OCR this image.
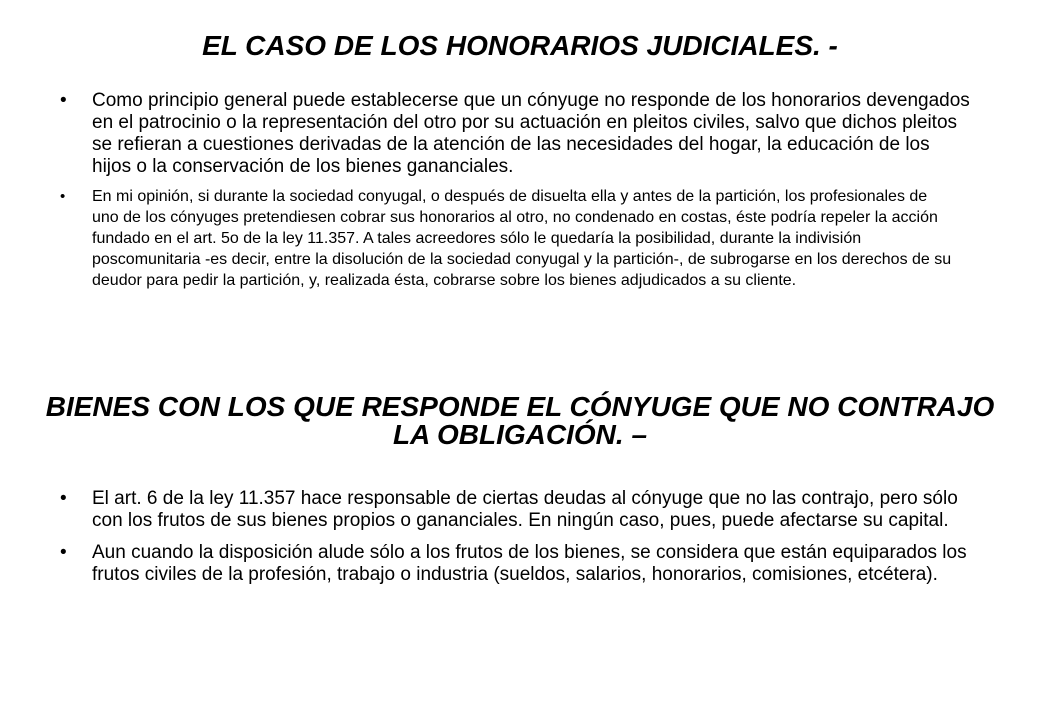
EL CASO DE LOS HONORARIOS JUDICIALES. -
• Como principio general puede establecerse que un cónyuge no responde de los honorarios devengados en el patrocinio o la representación del otro por su actuación en pleitos civiles, salvo que dichos pleitos se refieran a cuestiones derivadas de la atención de las necesidades del hogar, la educación de los hijos o la conservación de los bienes gananciales.
• En mi opinión, si durante la sociedad conyugal, o después de disuelta ella y antes de la partición, los profesionales de uno de los cónyuges pretendiesen cobrar sus honorarios al otro, no condenado en costas, éste podría repeler la acción fundado en el art. 5o de la ley 11.357. A tales acreedores sólo le quedaría la posibilidad, durante la indivisión poscomunitaria -es decir, entre la disolución de la sociedad conyugal y la partición-, de subrogarse en los derechos de su deudor para pedir la partición, y, realizada ésta, cobrarse sobre los bienes adjudicados a su cliente.
BIENES CON LOS QUE RESPONDE EL CÓNYUGE QUE NO CONTRAJO LA OBLIGACIÓN. –
• El art. 6 de la ley 11.357 hace responsable de ciertas deudas al cónyuge que no las contrajo, pero sólo con los frutos de sus bienes propios o gananciales. En ningún caso, pues, puede afectarse su capital.
• Aun cuando la disposición alude sólo a los frutos de los bienes, se considera que están equiparados los frutos civiles de la profesión, trabajo o industria (sueldos, salarios, honorarios, comisiones, etcétera).
